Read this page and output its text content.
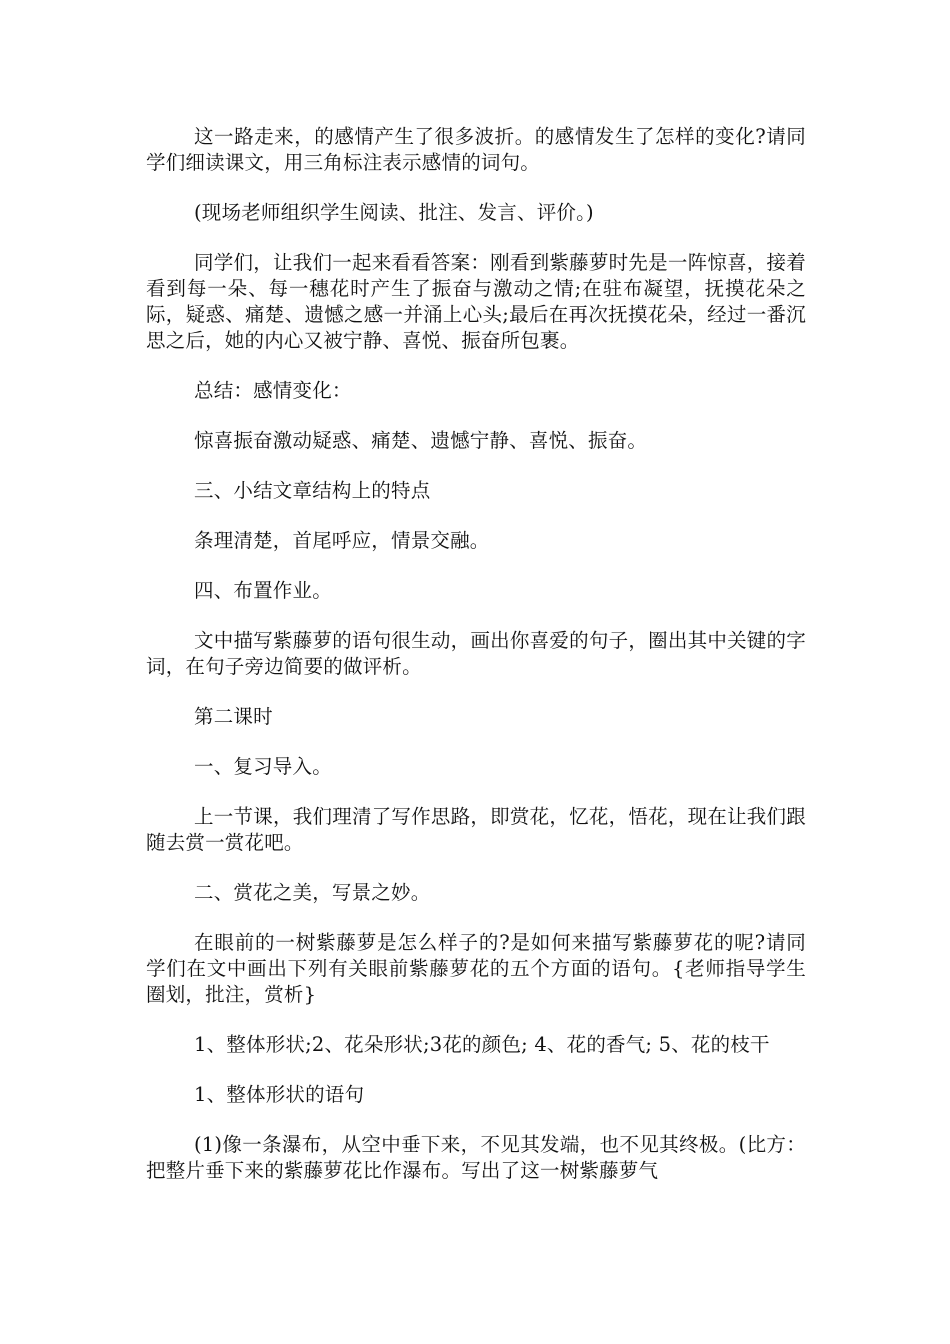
这一路走来，的感情产生了很多波折。的感情发生了怎样的变化?请同学们细读课文，用三角标注表示感情的词句。

(现场老师组织学生阅读、批注、发言、评价。)

同学们，让我们一起来看看答案：刚看到紫藤萝时先是一阵惊喜，接着看到每一朵、每一穗花时产生了振奋与激动之情;在驻布凝望，抚摸花朵之际，疑惑、痛楚、遗憾之感一并涌上心头;最后在再次抚摸花朵，经过一番沉思之后，她的内心又被宁静、喜悦、振奋所包裹。

总结：感情变化：

惊喜振奋激动疑惑、痛楚、遗憾宁静、喜悦、振奋。

三、小结文章结构上的特点

条理清楚，首尾呼应，情景交融。

四、布置作业。

文中描写紫藤萝的语句很生动，画出你喜爱的句子，圈出其中关键的字词，在句子旁边简要的做评析。

第二课时

一、复习导入。

上一节课，我们理清了写作思路，即赏花，忆花，悟花，现在让我们跟随去赏一赏花吧。

二、赏花之美，写景之妙。

在眼前的一树紫藤萝是怎么样子的?是如何来描写紫藤萝花的呢?请同学们在文中画出下列有关眼前紫藤萝花的五个方面的语句。{老师指导学生圈划，批注，赏析}

1、整体形状;2、花朵形状;3花的颜色; 4、花的香气; 5、花的枝干

1、整体形状的语句

(1)像一条瀑布，从空中垂下来，不见其发端，也不见其终极。(比方：把整片垂下来的紫藤萝花比作瀑布。写出了这一树紫藤萝气
